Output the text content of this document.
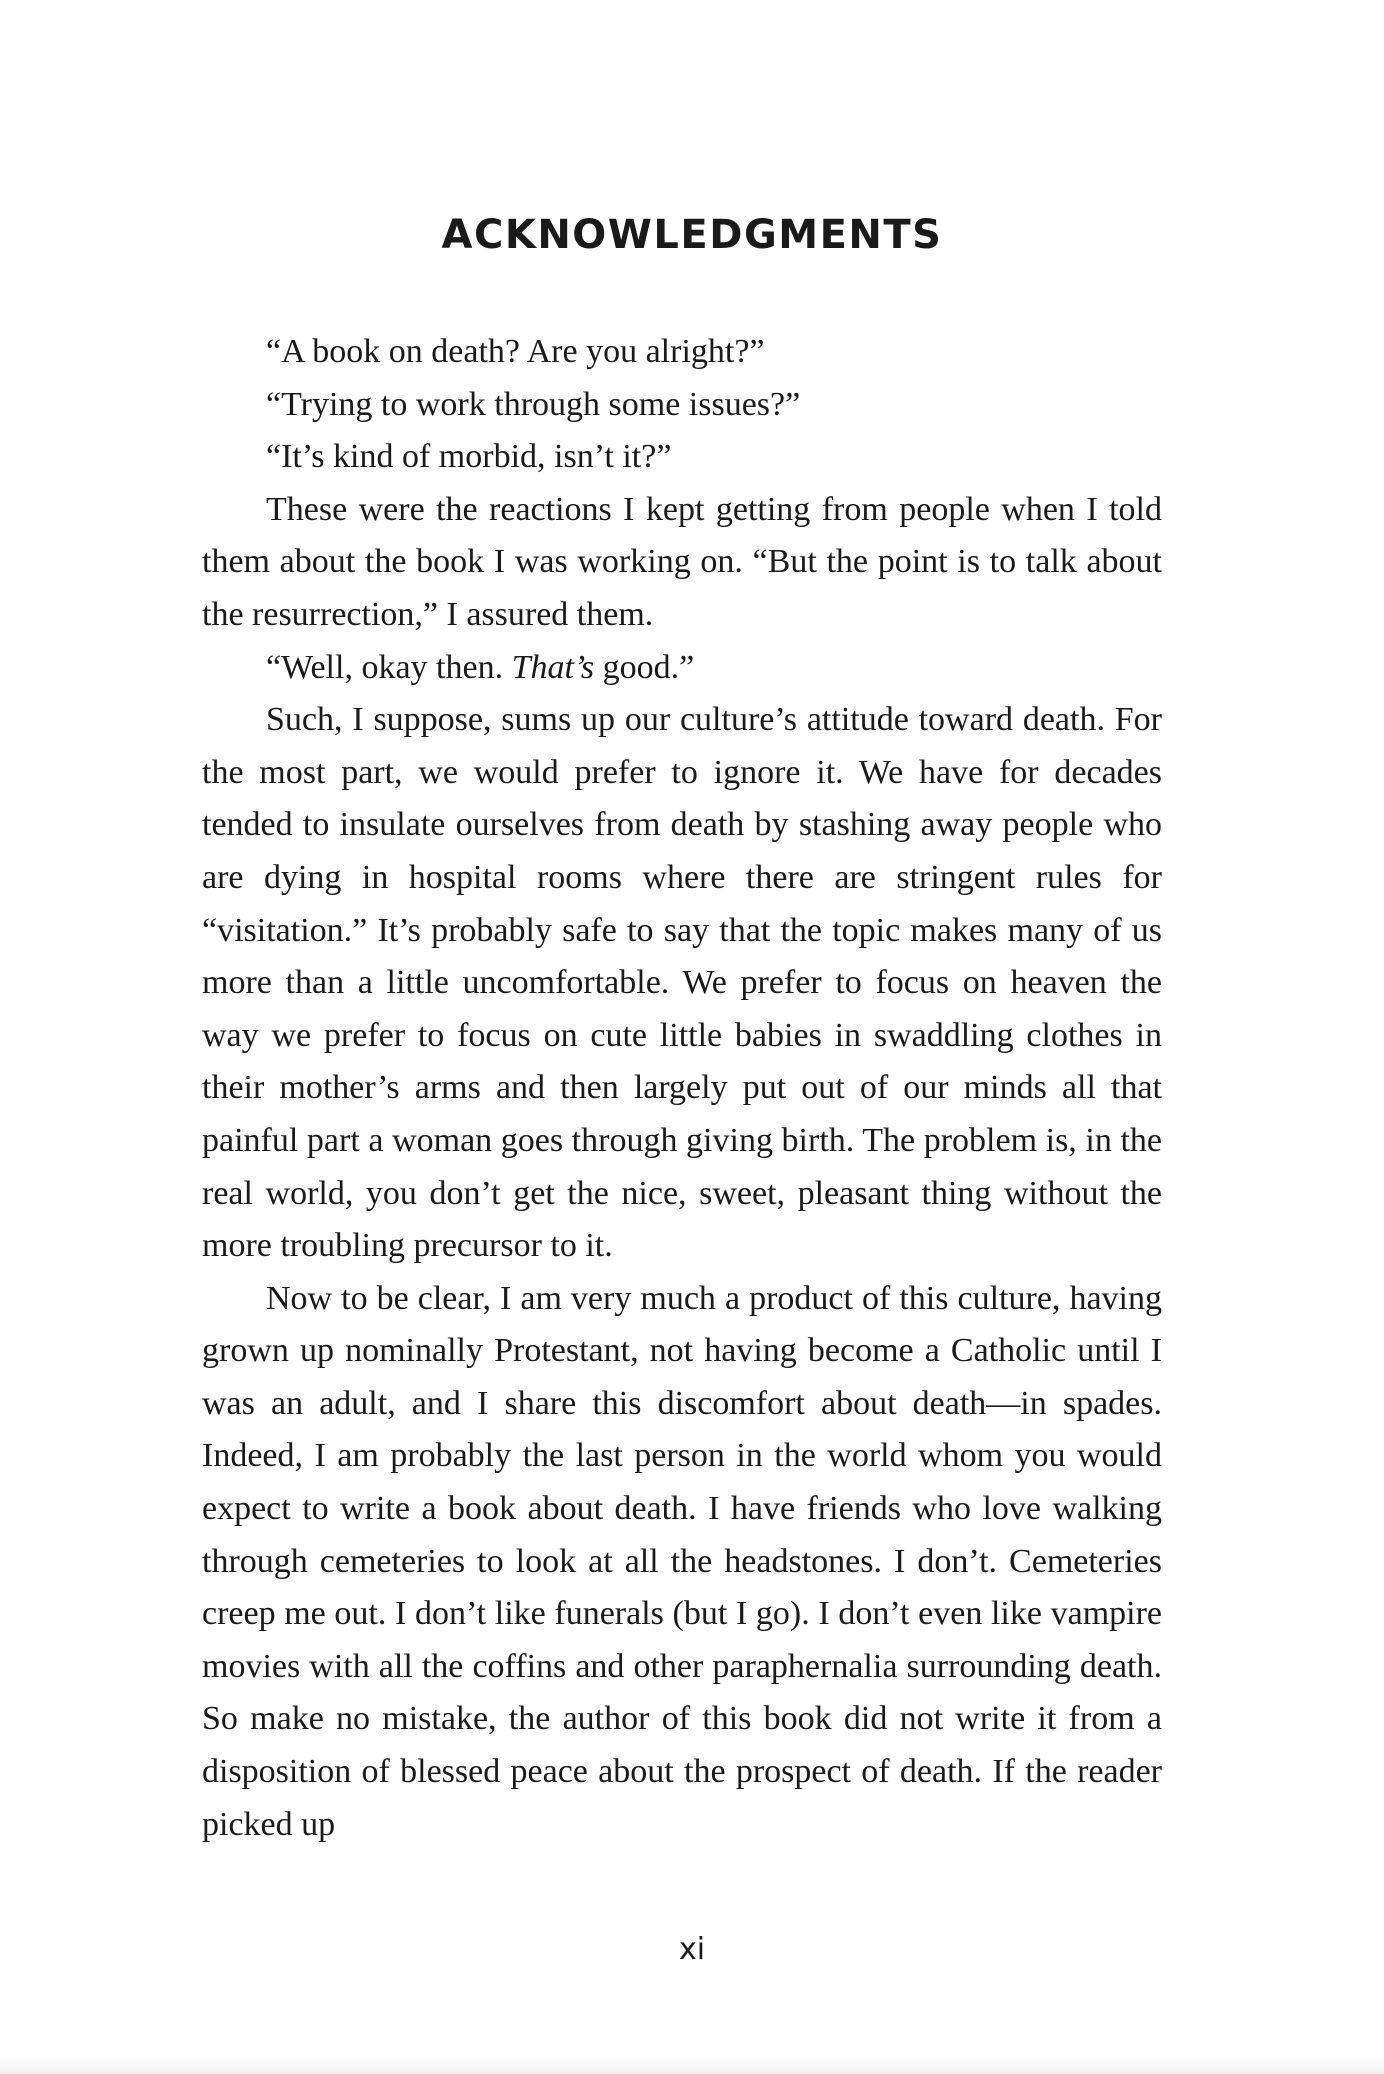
ACKNOWLEDGMENTS

“A book on death? Are you alright?”

“Trying to work through some issues?”

“It’s kind of morbid, isn’t it?”

These were the reactions I kept getting from people when I told them about the book I was working on. “But the point is to talk about the resurrection,” I assured them.

“Well, okay then. That’s good.”

Such, I suppose, sums up our culture’s attitude toward death. For the most part, we would prefer to ignore it. We have for decades tended to insulate ourselves from death by stashing away people who are dying in hospital rooms where there are stringent rules for “visitation.” It’s probably safe to say that the topic makes many of us more than a little uncomfortable. We prefer to focus on heaven the way we prefer to focus on cute little babies in swaddling clothes in their mother’s arms and then largely put out of our minds all that painful part a woman goes through giving birth. The problem is, in the real world, you don’t get the nice, sweet, pleasant thing without the more troubling precursor to it.

Now to be clear, I am very much a product of this culture, having grown up nominally Protestant, not having become a Catholic until I was an adult, and I share this discomfort about death—in spades. Indeed, I am probably the last person in the world whom you would expect to write a book about death. I have friends who love walking through cemeteries to look at all the headstones. I don’t. Cemeteries creep me out. I don’t like funerals (but I go). I don’t even like vampire movies with all the coffins and other paraphernalia surrounding death. So make no mistake, the author of this book did not write it from a disposition of blessed peace about the prospect of death. If the reader picked up

xi
